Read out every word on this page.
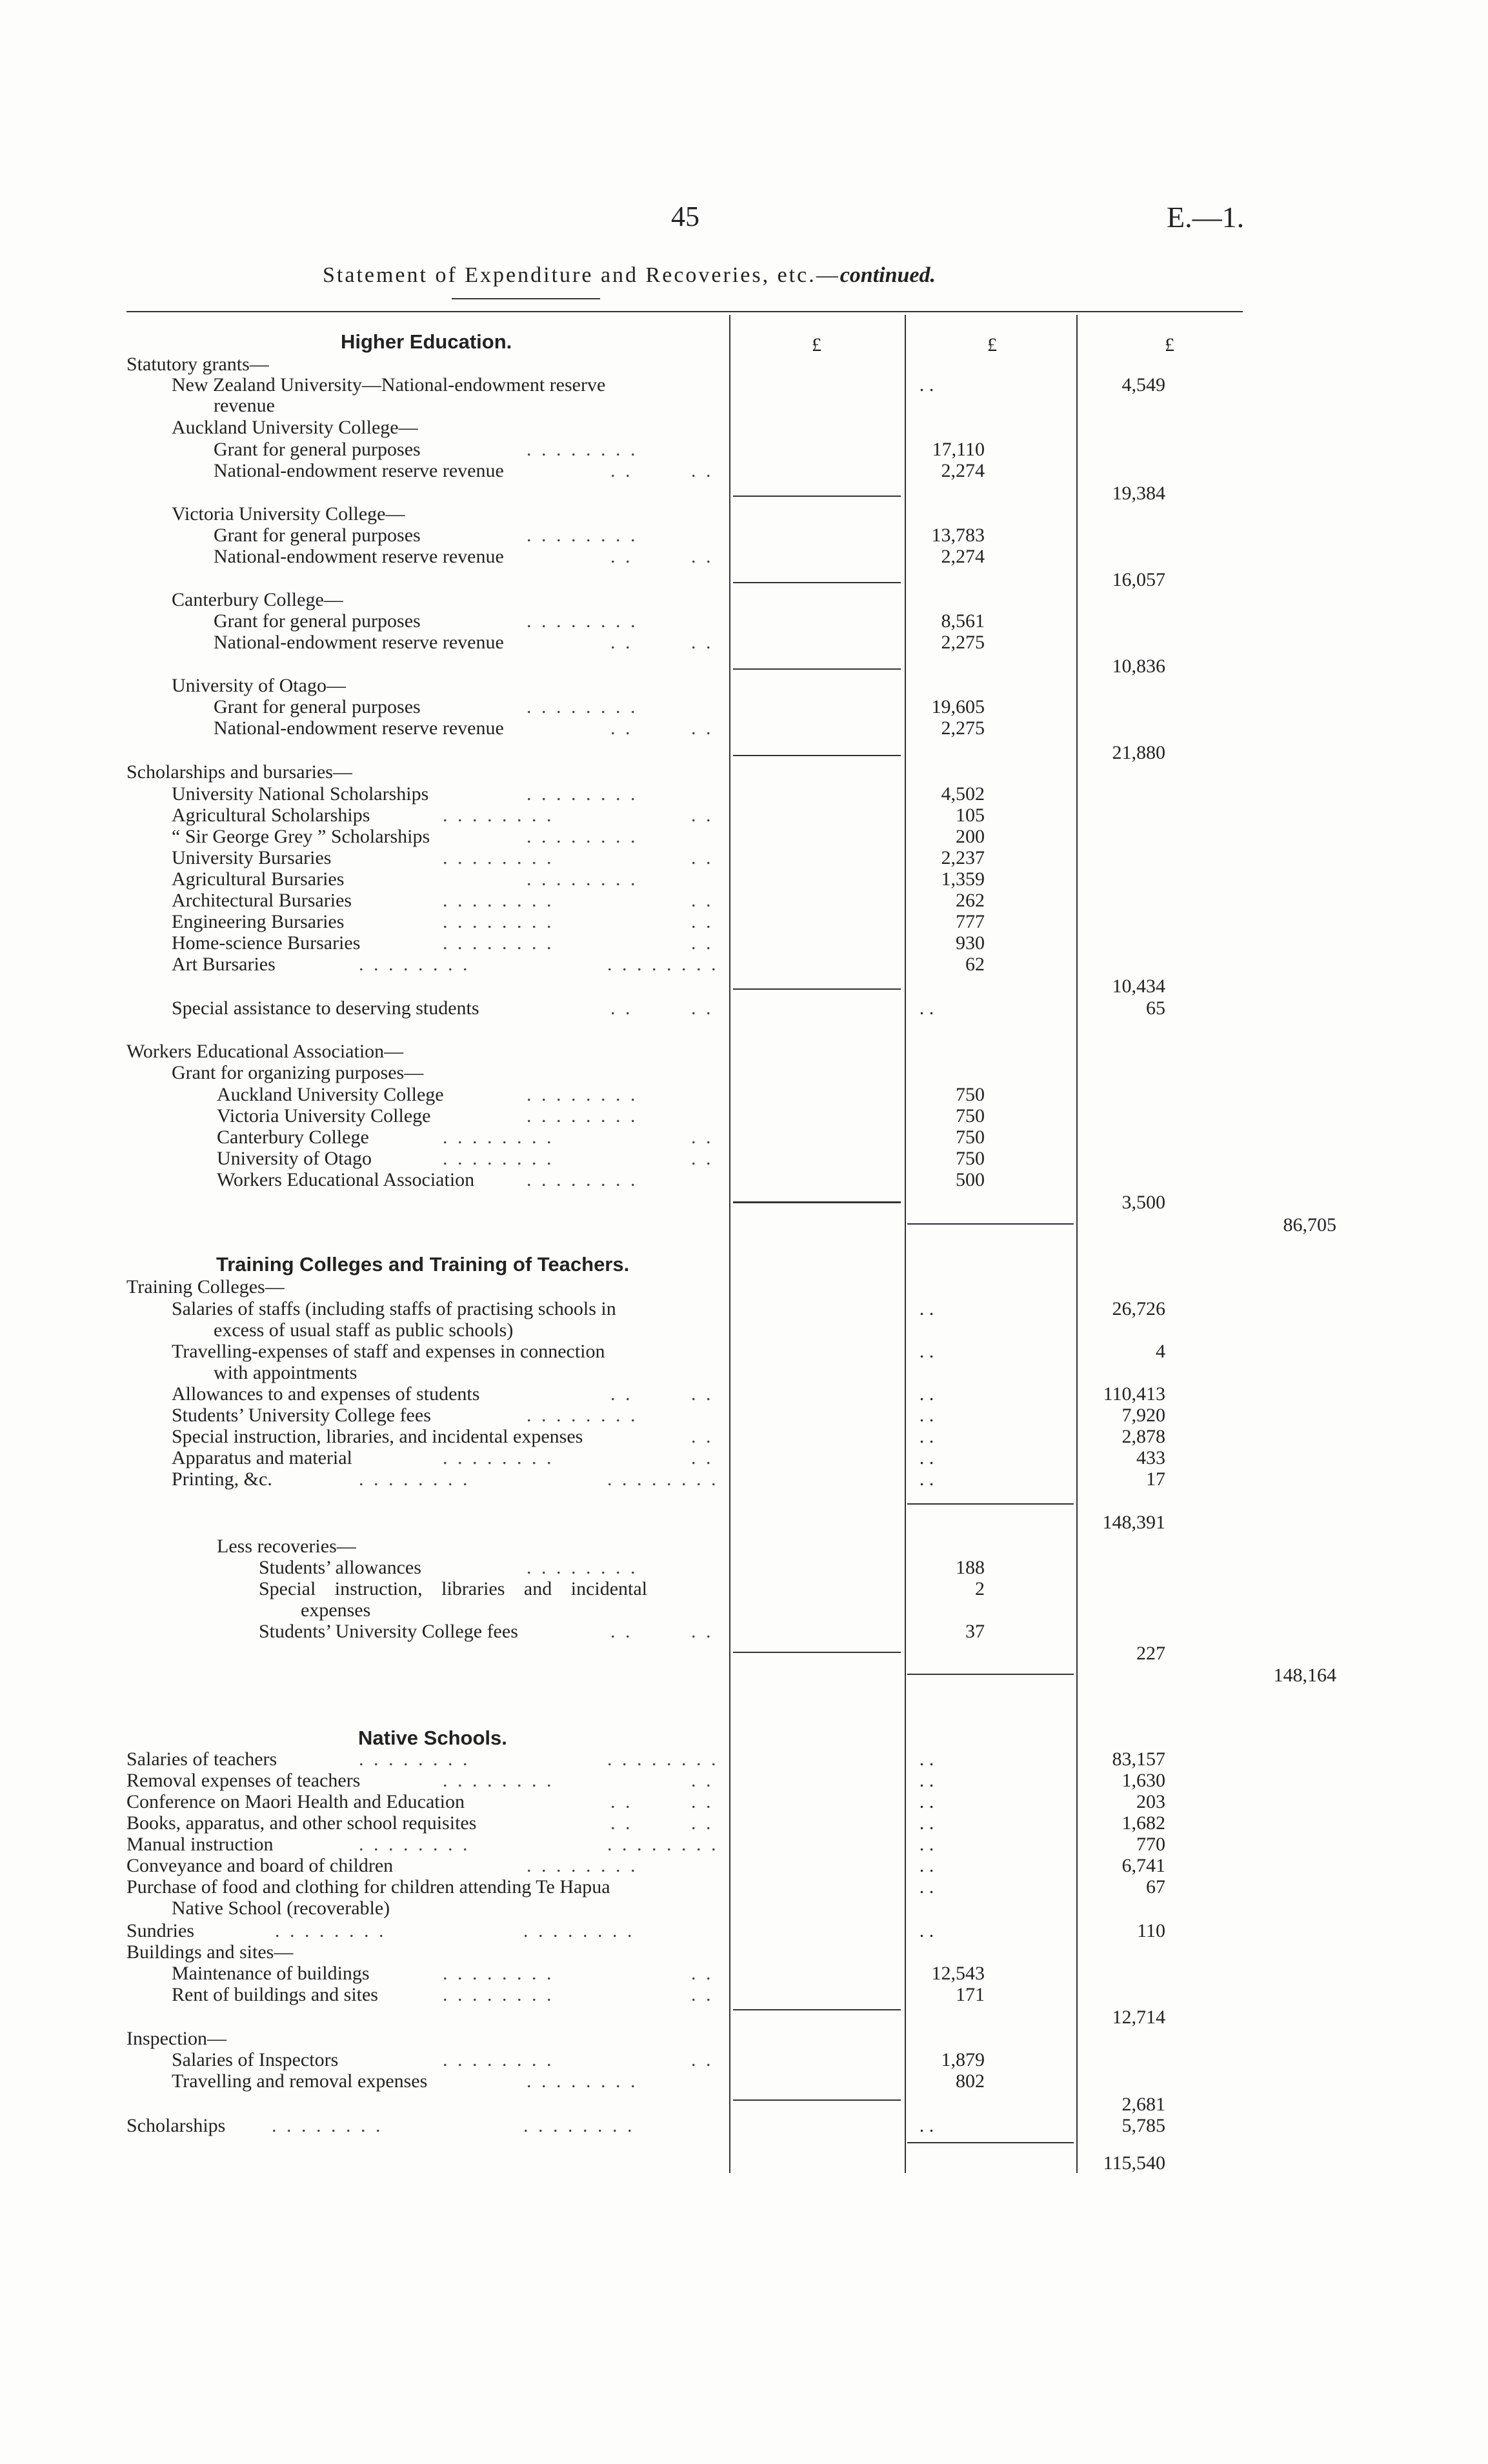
45	E.—1.
Statement of Expenditure and Recoveries, etc.—continued.
£	£	£
Higher Education.
Statutory grants—
New Zealand University—National-endowment reserve	. .	4,549
revenue
Auckland University College—
Grant for general purposes	. . . . . . . .	17,110
National-endowment reserve revenue	. .	. .	2,274
19,384
Victoria University College—
Grant for general purposes	. . . . . . . .	13,783
National-endowment reserve revenue	. .	. .	2,274
16,057
Canterbury College—
Grant for general purposes	. . . . . . . .	8,561
National-endowment reserve revenue	. .	. .	2,275
10,836
University of Otago—
Grant for general purposes	. . . . . . . .	19,605
National-endowment reserve revenue	. .	. .	2,275
21,880
Scholarships and bursaries—
University National Scholarships	. . . . . . . .	4,502
Agricultural Scholarships	. . . . . . . .	. .	105
“ Sir George Grey ” Scholarships	. . . . . . . .	200
University Bursaries	. . . . . . . .	. .	2,237
Agricultural Bursaries	. . . . . . . .	1,359
Architectural Bursaries	. . . . . . . .	. .	262
Engineering Bursaries	. . . . . . . .	. .	777
Home-science Bursaries	. . . . . . . .	. .	930
Art Bursaries	. . . . . . . .	. . . . . . . .	62
10,434
Special assistance to deserving students	. .	. .	. .	65
Workers Educational Association—
Grant for organizing purposes—
Auckland University College	. . . . . . . .	750
Victoria University College	. . . . . . . .	750
Canterbury College	. . . . . . . .	. .	750
University of Otago	. . . . . . . .	. .	750
Workers Educational Association	. . . . . . . .	500
3,500
86,705
Training Colleges and Training of Teachers.
Training Colleges—
Salaries of staffs (including staffs of practising schools in	. .	26,726
excess of usual staff as public schools)
Travelling-expenses of staff and expenses in connection	. .	4
with appointments
Allowances to and expenses of students	. .	. .	. .	110,413
Students’ University College fees	. . . . . . . .	. .	7,920
Special instruction, libraries, and incidental expenses	. .	. .	2,878
Apparatus and material	. . . . . . . .	. .	. .	433
Printing, &c.	. . . . . . . .	. . . . . . . .	. .	17
148,391
Less recoveries—
Students’ allowances	. . . . . . . .	188
Special instruction, libraries and incidental	2
expenses
Students’ University College fees	. .	. .	37
227
148,164
Native Schools.
Salaries of teachers	. . . . . . . .	. . . . . . . .	. .	83,157
Removal expenses of teachers	. . . . . . . .	. .	. .	1,630
Conference on Maori Health and Education	. .	. .	. .	203
Books, apparatus, and other school requisites	. .	. .	. .	1,682
Manual instruction	. . . . . . . .	. . . . . . . .	. .	770
Conveyance and board of children	. . . . . . . .	. .	6,741
Purchase of food and clothing for children attending Te Hapua	. .	67
Native School (recoverable)
Sundries	. . . . . . . .	. . . . . . . .	. .	110
Buildings and sites—
Maintenance of buildings	. . . . . . . .	. .	12,543
Rent of buildings and sites	. . . . . . . .	. .	171
12,714
Inspection—
Salaries of Inspectors	. . . . . . . .	. .	1,879
Travelling and removal expenses	. . . . . . . .	802
2,681
Scholarships . . . . . . . .	. . . . . . . .	. .	5,785
115,540
